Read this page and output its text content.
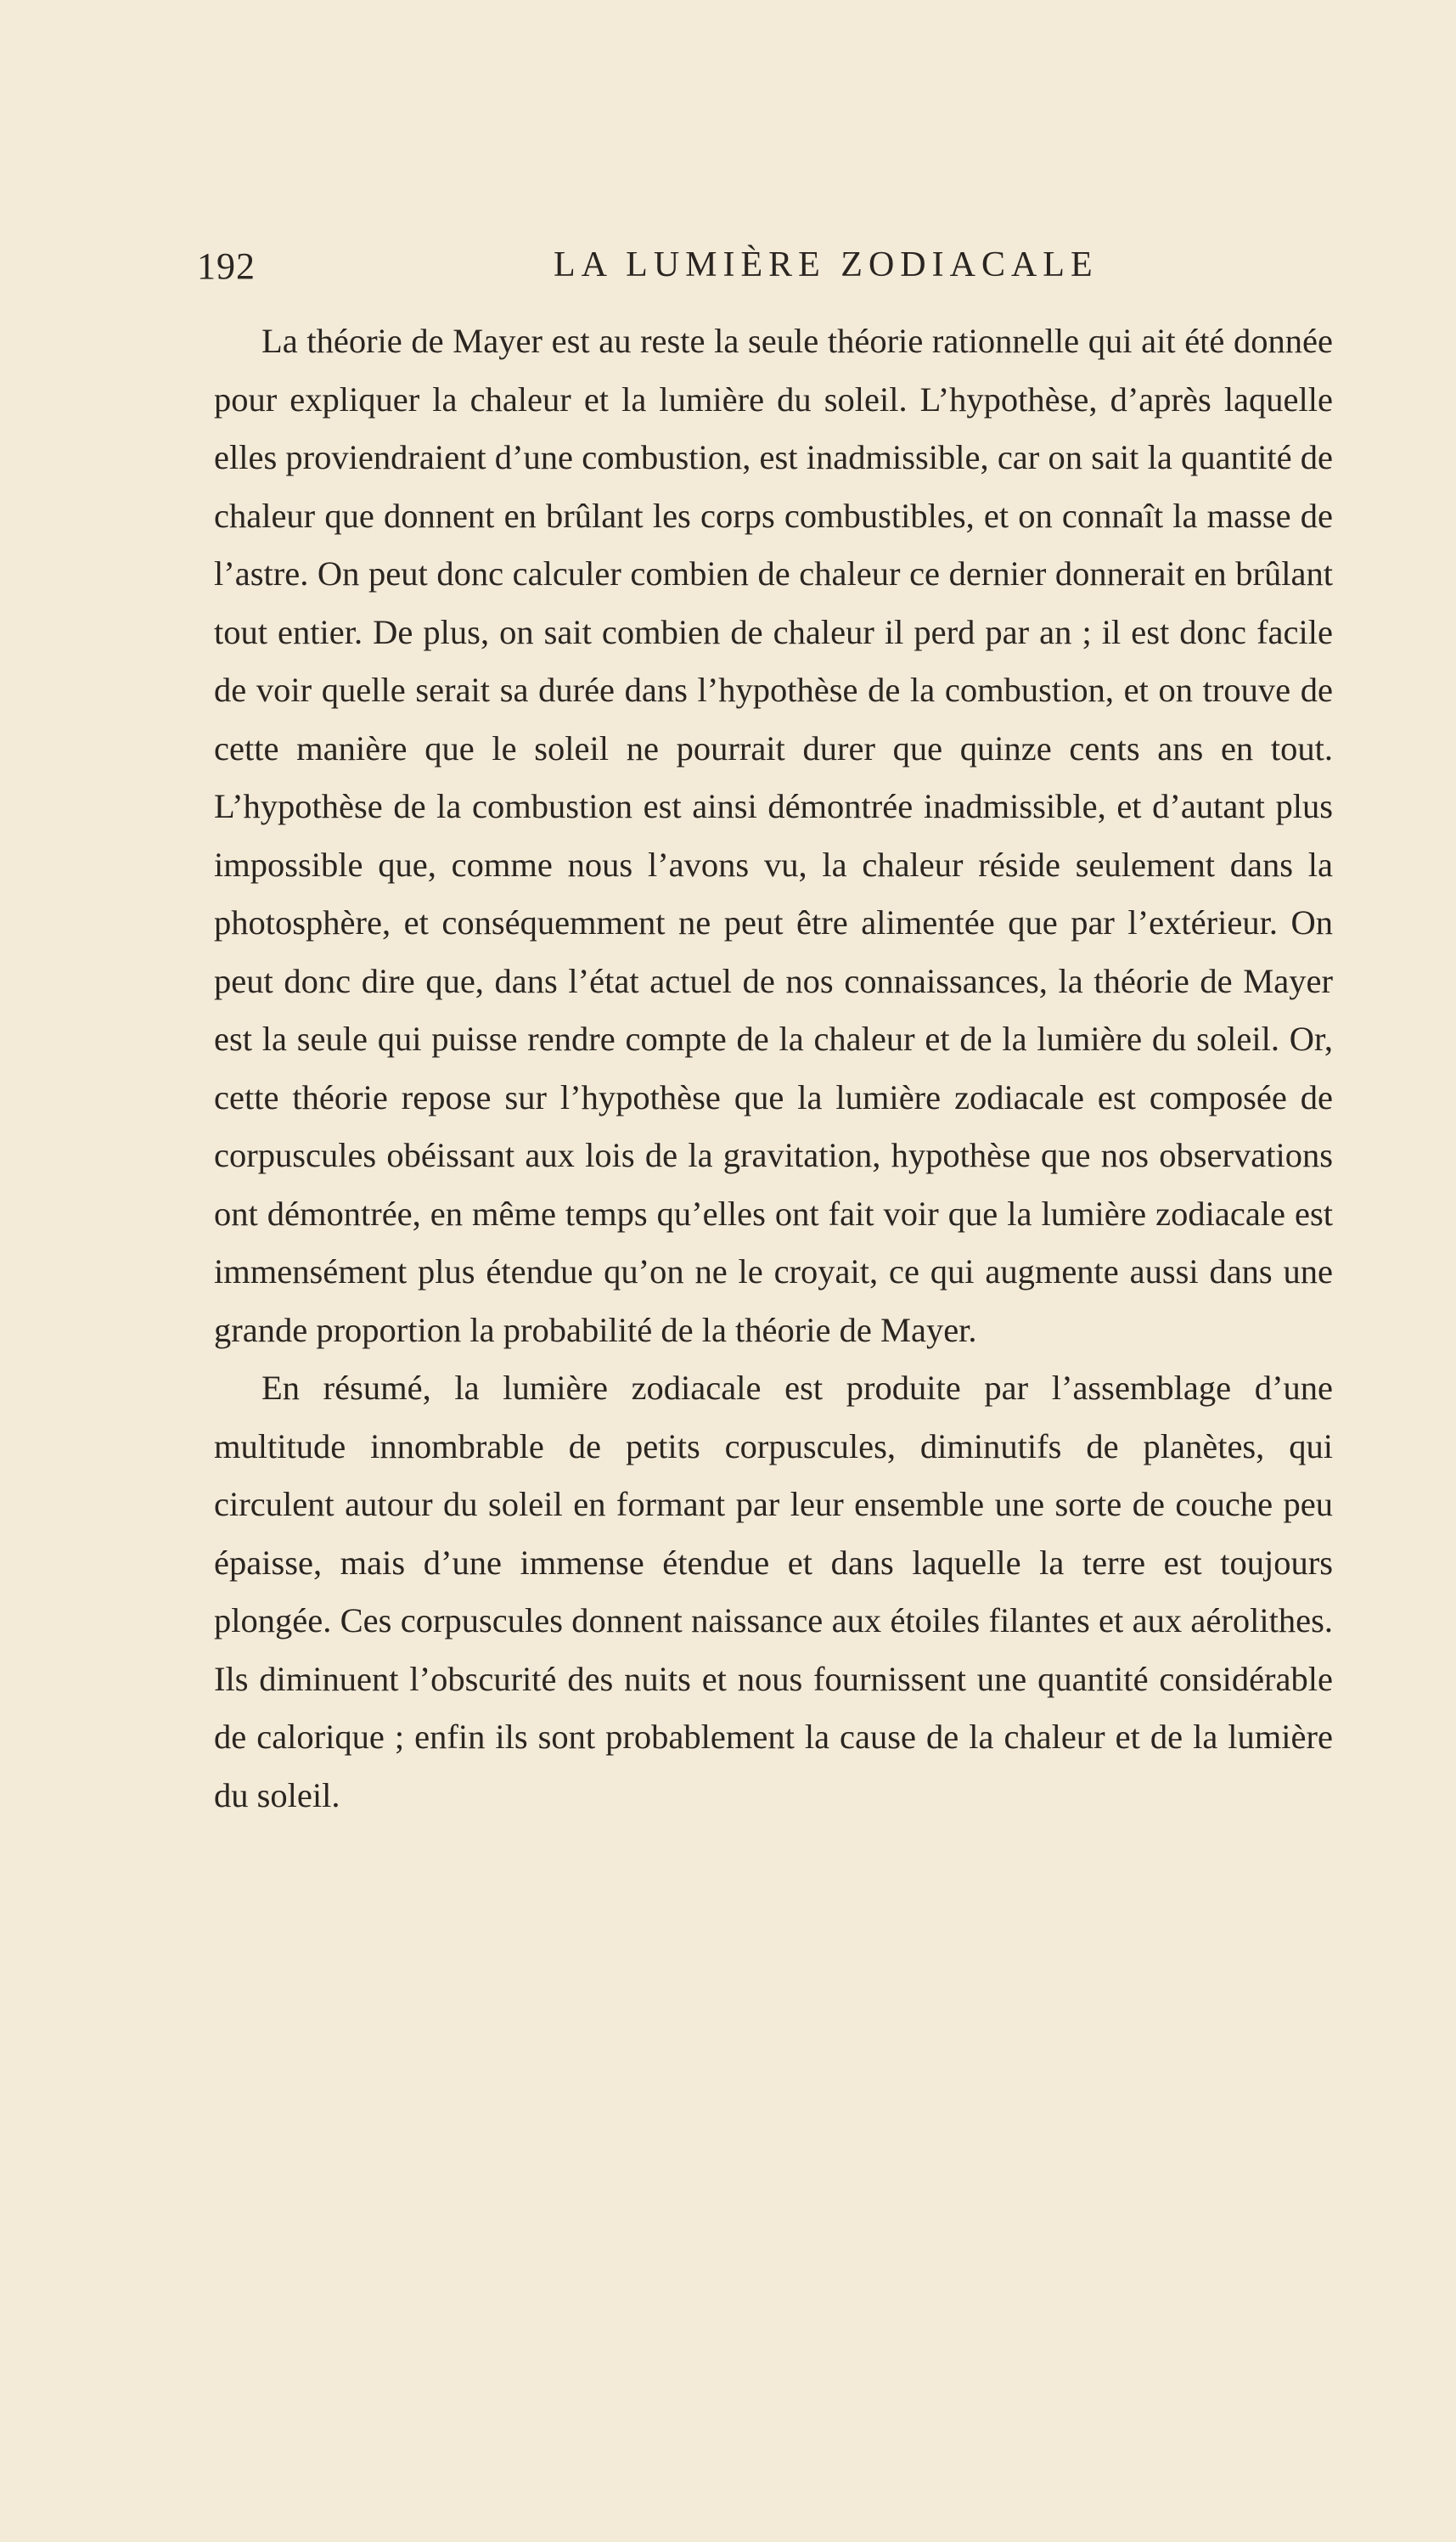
192	LA LUMIÈRE ZODIACALE

La théorie de Mayer est au reste la seule théorie rationnelle qui ait été donnée pour expliquer la chaleur et la lumière du soleil. L’hypothèse, d’après laquelle elles proviendraient d’une combustion, est inadmissible, car on sait la quantité de chaleur que donnent en brûlant les corps combustibles, et on connaît la masse de l’astre. On peut donc calculer combien de chaleur ce dernier donnerait en brûlant tout entier. De plus, on sait combien de chaleur il perd par an ; il est donc facile de voir quelle serait sa durée dans l’hypothèse de la combustion, et on trouve de cette manière que le soleil ne pourrait durer que quinze cents ans en tout. L’hypothèse de la combustion est ainsi démontrée inadmissible, et d’autant plus impossible que, comme nous l’avons vu, la chaleur réside seulement dans la photosphère, et conséquemment ne peut être alimentée que par l’extérieur. On peut donc dire que, dans l’état actuel de nos connaissances, la théorie de Mayer est la seule qui puisse rendre compte de la chaleur et de la lumière du soleil. Or, cette théorie repose sur l’hypothèse que la lumière zodiacale est composée de corpuscules obéissant aux lois de la gravitation, hypothèse que nos observations ont démontrée, en même temps qu’elles ont fait voir que la lumière zodiacale est immensément plus étendue qu’on ne le croyait, ce qui augmente aussi dans une grande proportion la probabilité de la théorie de Mayer.

En résumé, la lumière zodiacale est produite par l’assemblage d’une multitude innombrable de petits corpuscules, diminutifs de planètes, qui circulent autour du soleil en formant par leur ensemble une sorte de couche peu épaisse, mais d’une immense étendue et dans laquelle la terre est toujours plongée. Ces corpuscules donnent naissance aux étoiles filantes et aux aérolithes. Ils diminuent l’obscurité des nuits et nous fournissent une quantité considérable de calorique ; enfin ils sont probablement la cause de la chaleur et de la lumière du soleil.
